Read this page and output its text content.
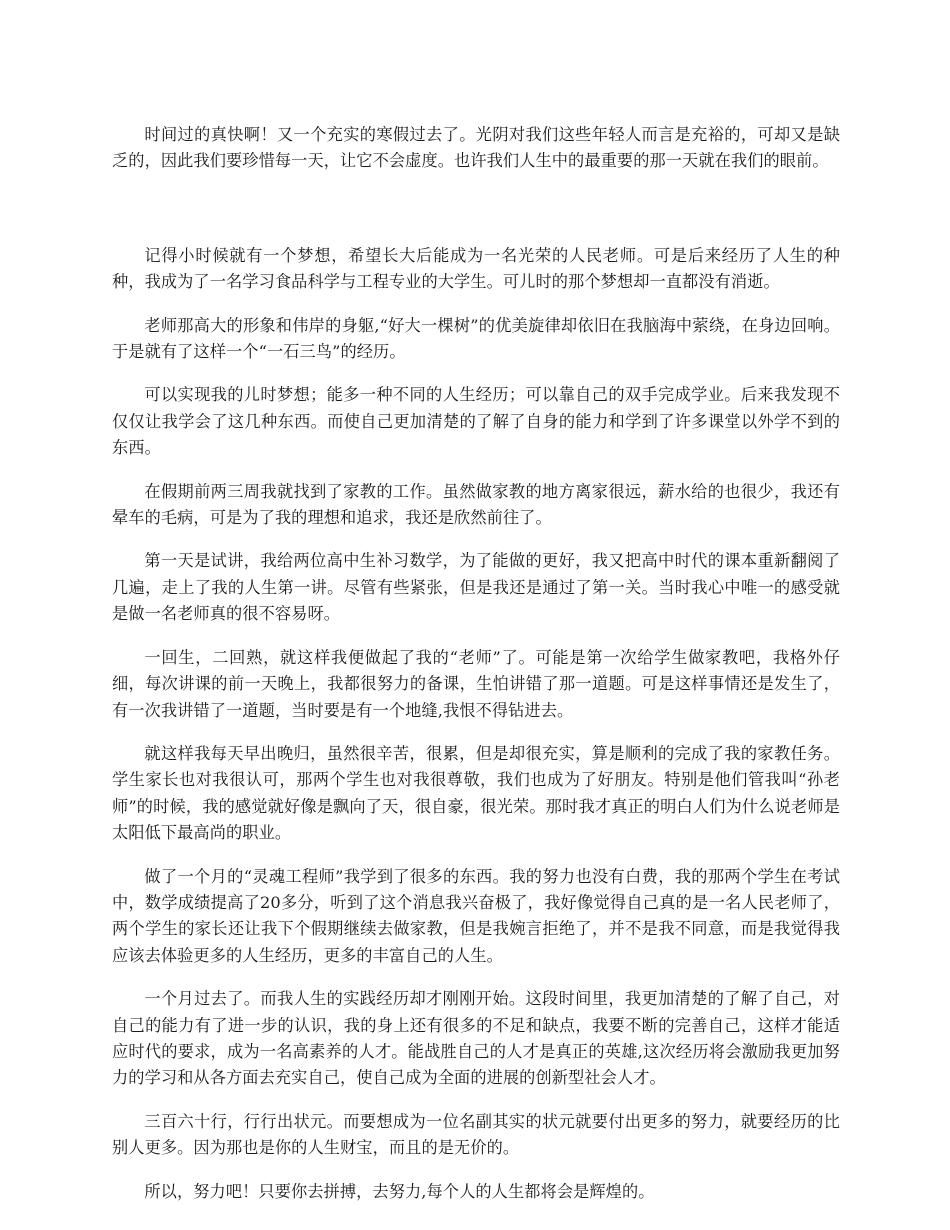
时间过的真快啊！又一个充实的寒假过去了。光阴对我们这些年轻人而言是充裕的，可却又是缺乏的，因此我们要珍惜每一天，让它不会虚度。也许我们人生中的最重要的那一天就在我们的眼前。

记得小时候就有一个梦想，希望长大后能成为一名光荣的人民老师。可是后来经历了人生的种种，我成为了一名学习食品科学与工程专业的大学生。可儿时的那个梦想却一直都没有消逝。

老师那高大的形象和伟岸的身躯,“好大一棵树”的优美旋律却依旧在我脑海中萦绕，在身边回响。于是就有了这样一个“一石三鸟”的经历。

可以实现我的儿时梦想；能多一种不同的人生经历；可以靠自己的双手完成学业。后来我发现不仅仅让我学会了这几种东西。而使自己更加清楚的了解了自身的能力和学到了许多课堂以外学不到的东西。

在假期前两三周我就找到了家教的工作。虽然做家教的地方离家很远，薪水给的也很少，我还有晕车的毛病，可是为了我的理想和追求，我还是欣然前往了。

第一天是试讲，我给两位高中生补习数学，为了能做的更好，我又把高中时代的课本重新翻阅了几遍，走上了我的人生第一讲。尽管有些紧张，但是我还是通过了第一关。当时我心中唯一的感受就是做一名老师真的很不容易呀。

一回生，二回熟，就这样我便做起了我的“老师”了。可能是第一次给学生做家教吧，我格外仔细，每次讲课的前一天晚上，我都很努力的备课，生怕讲错了那一道题。可是这样事情还是发生了，有一次我讲错了一道题，当时要是有一个地缝,我恨不得钻进去。

就这样我每天早出晚归，虽然很辛苦，很累，但是却很充实，算是顺利的完成了我的家教任务。学生家长也对我很认可，那两个学生也对我很尊敬，我们也成为了好朋友。特别是他们管我叫“孙老师”的时候，我的感觉就好像是飘向了天，很自豪，很光荣。那时我才真正的明白人们为什么说老师是太阳低下最高尚的职业。

做了一个月的“灵魂工程师”我学到了很多的东西。我的努力也没有白费，我的那两个学生在考试中，数学成绩提高了20多分，听到了这个消息我兴奋极了，我好像觉得自己真的是一名人民老师了，两个学生的家长还让我下个假期继续去做家教，但是我婉言拒绝了，并不是我不同意，而是我觉得我应该去体验更多的人生经历，更多的丰富自己的人生。

一个月过去了。而我人生的实践经历却才刚刚开始。这段时间里，我更加清楚的了解了自己，对自己的能力有了进一步的认识，我的身上还有很多的不足和缺点，我要不断的完善自己，这样才能适应时代的要求，成为一名高素养的人才。能战胜自己的人才是真正的英雄,这次经历将会激励我更加努力的学习和从各方面去充实自己，使自己成为全面的进展的创新型社会人才。

三百六十行，行行出状元。而要想成为一位名副其实的状元就要付出更多的努力，就要经历的比别人更多。因为那也是你的人生财宝，而且的是无价的。

所以，努力吧！只要你去拼搏，去努力,每个人的人生都将会是辉煌的。
